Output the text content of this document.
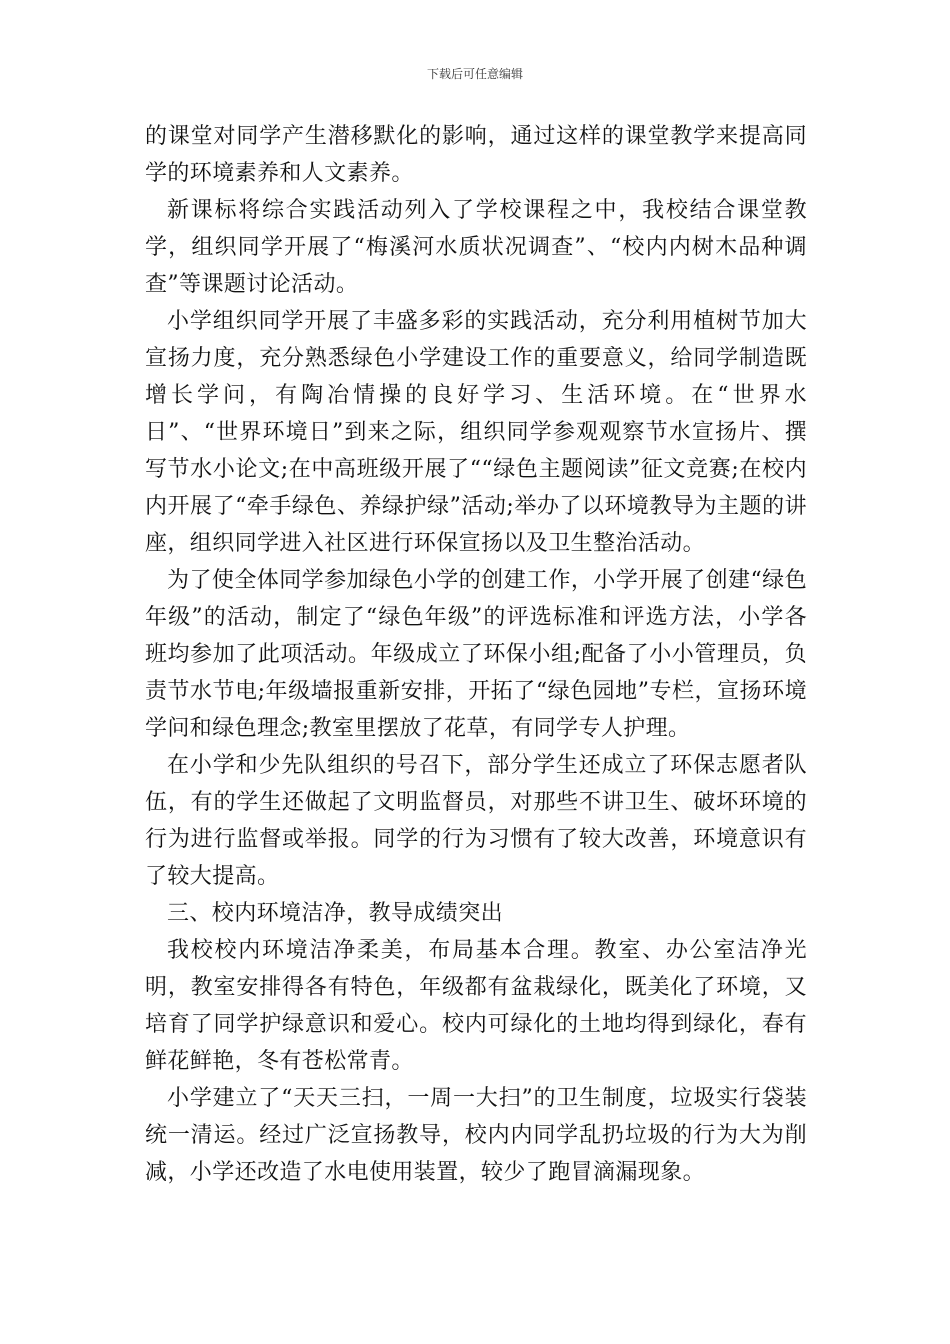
下载后可任意编辑

的课堂对同学产生潜移默化的影响，通过这样的课堂教学来提高同学的环境素养和人文素养。

新课标将综合实践活动列入了学校课程之中，我校结合课堂教学，组织同学开展了“梅溪河水质状况调查”、“校内内树木品种调查”等课题讨论活动。

小学组织同学开展了丰盛多彩的实践活动，充分利用植树节加大宣扬力度，充分熟悉绿色小学建设工作的重要意义，给同学制造既增长学问，有陶冶情操的良好学习、生活环境。在“世界水日”、“世界环境日”到来之际，组织同学参观观察节水宣扬片、撰写节水小论文;在中高班级开展了““绿色主题阅读”征文竞赛;在校内内开展了“牵手绿色、养绿护绿”活动;举办了以环境教导为主题的讲座，组织同学进入社区进行环保宣扬以及卫生整治活动。

为了使全体同学参加绿色小学的创建工作，小学开展了创建“绿色年级”的活动，制定了“绿色年级”的评选标准和评选方法，小学各班均参加了此项活动。年级成立了环保小组;配备了小小管理员，负责节水节电;年级墙报重新安排，开拓了“绿色园地”专栏，宣扬环境学问和绿色理念;教室里摆放了花草，有同学专人护理。

在小学和少先队组织的号召下，部分学生还成立了环保志愿者队伍，有的学生还做起了文明监督员，对那些不讲卫生、破坏环境的行为进行监督或举报。同学的行为习惯有了较大改善，环境意识有了较大提高。

三、校内环境洁净，教导成绩突出

我校校内环境洁净柔美，布局基本合理。教室、办公室洁净光明，教室安排得各有特色，年级都有盆栽绿化，既美化了环境，又培育了同学护绿意识和爱心。校内可绿化的土地均得到绿化，春有鲜花鲜艳，冬有苍松常青。

小学建立了“天天三扫，一周一大扫”的卫生制度，垃圾实行袋装统一清运。经过广泛宣扬教导，校内内同学乱扔垃圾的行为大为削减，小学还改造了水电使用装置，较少了跑冒滴漏现象。
